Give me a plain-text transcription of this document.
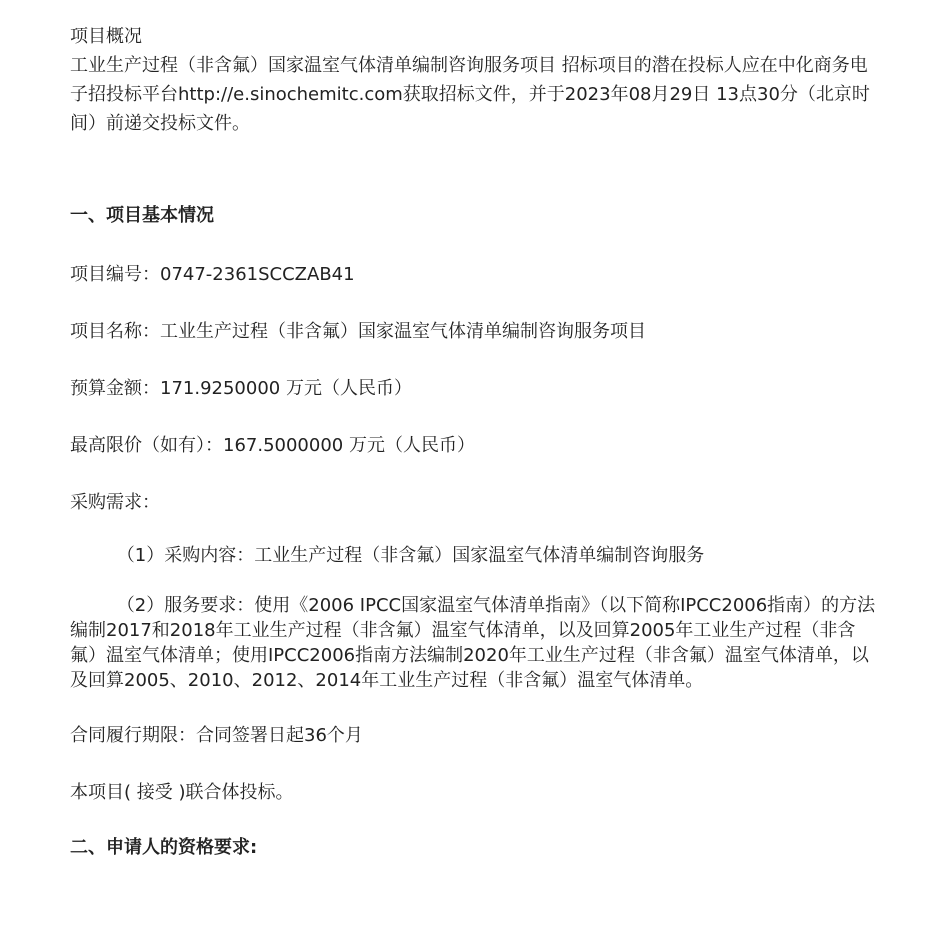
项目概况

工业生产过程（非含氟）国家温室气体清单编制咨询服务项目 招标项目的潜在投标人应在中化商务电子招投标平台http://e.sinochemitc.com获取招标文件，并于2023年08月29日 13点30分（北京时间）前递交投标文件。

一、项目基本情况

项目编号：0747-2361SCCZAB41

项目名称：工业生产过程（非含氟）国家温室气体清单编制咨询服务项目

预算金额：171.9250000 万元（人民币）

最高限价（如有）：167.5000000 万元（人民币）

采购需求：

（1）采购内容：工业生产过程（非含氟）国家温室气体清单编制咨询服务

（2）服务要求：使用《2006 IPCC国家温室气体清单指南》（以下简称IPCC2006指南）的方法编制2017和2018年工业生产过程（非含氟）温室气体清单，以及回算2005年工业生产过程（非含氟）温室气体清单；使用IPCC2006指南方法编制2020年工业生产过程（非含氟）温室气体清单，以及回算2005、2010、2012、2014年工业生产过程（非含氟）温室气体清单。

合同履行期限：合同签署日起36个月

本项目( 接受 )联合体投标。

二、申请人的资格要求:
